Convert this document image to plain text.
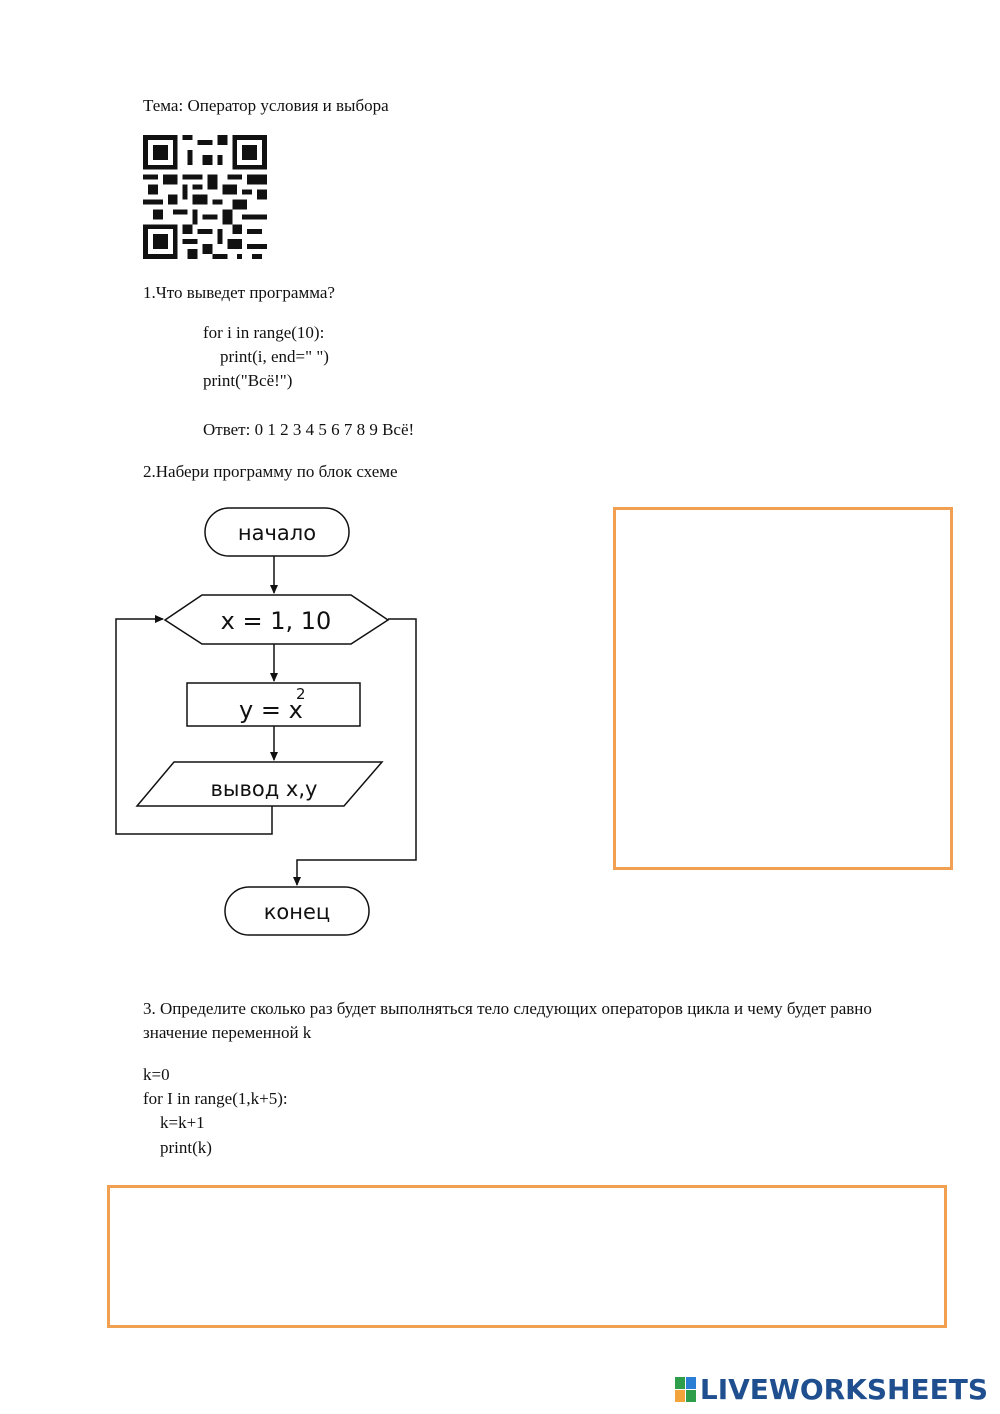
Тема: Оператор условия и выбора
1.Что выведет программа?
for i in range(10):
print(i, end=" ")
print("Всё!")
Ответ: 0 1 2 3 4 5 6 7 8 9 Всё!
2.Набери программу по блок схеме
начало
x = 1, 10
y = x
2
вывод x,y
конец
3. Определите сколько раз будет выполняться тело следующих операторов цикла и чему будет равно значение переменной k
k=0
for I in range(1,k+5):
k=k+1
print(k)
LIVEWORKSHEETS
